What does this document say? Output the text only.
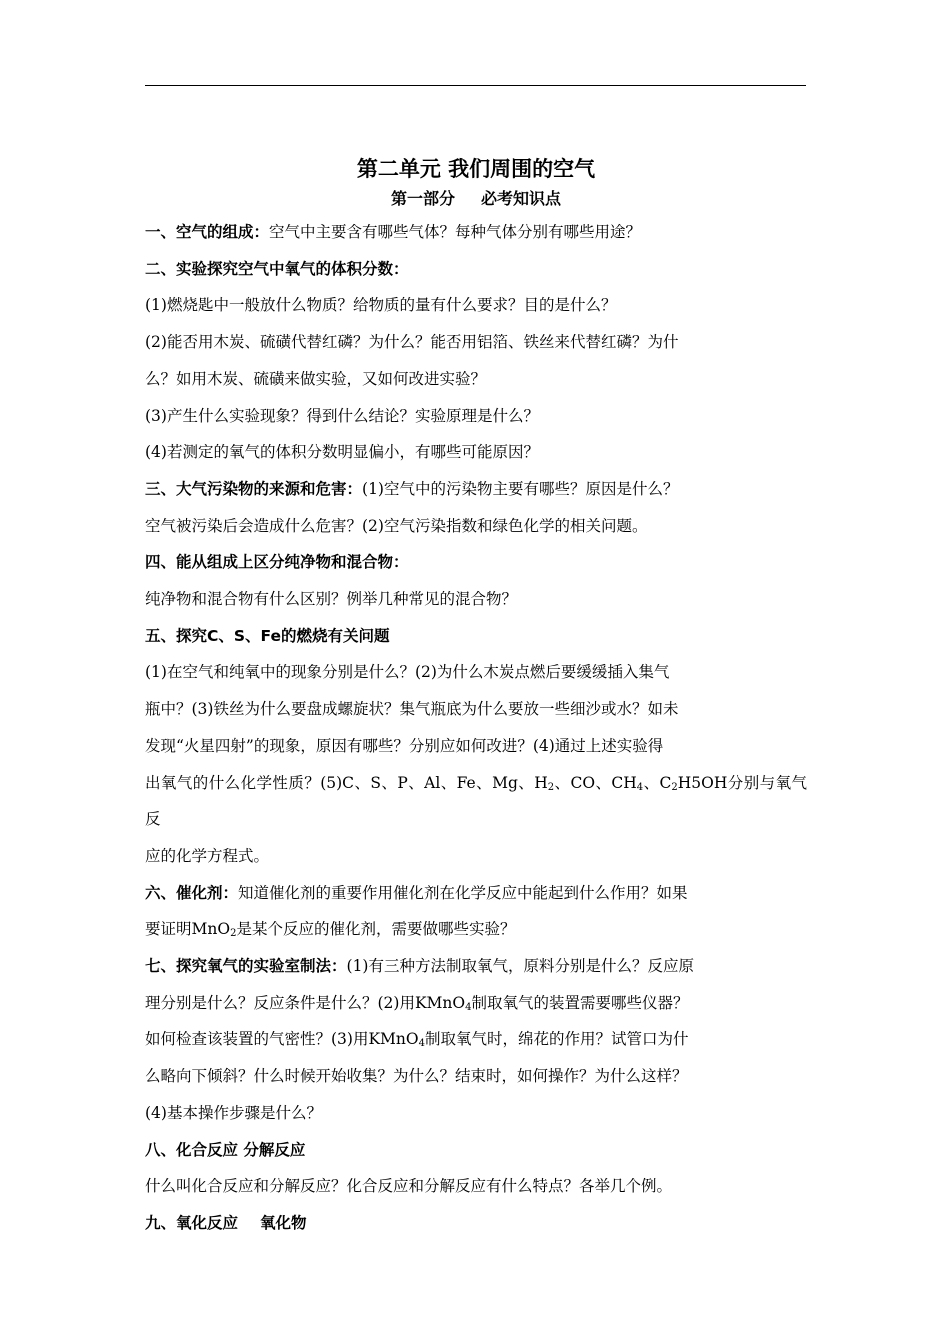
第二单元 我们周围的空气
第一部分 必考知识点

一、空气的组成：空气中主要含有哪些气体？每种气体分别有哪些用途？

二、实验探究空气中氧气的体积分数：

(1)燃烧匙中一般放什么物质？给物质的量有什么要求？目的是什么？

(2)能否用木炭、硫磺代替红磷？为什么？能否用铝箔、铁丝来代替红磷？为什
么？如用木炭、硫磺来做实验，又如何改进实验？

(3)产生什么实验现象？得到什么结论？实验原理是什么？

(4)若测定的氧气的体积分数明显偏小，有哪些可能原因？

三、大气污染物的来源和危害：(1)空气中的污染物主要有哪些？原因是什么？
空气被污染后会造成什么危害？(2)空气污染指数和绿色化学的相关问题。

四、能从组成上区分纯净物和混合物：

纯净物和混合物有什么区别？例举几种常见的混合物？

五、探究C、S、Fe的燃烧有关问题

(1)在空气和纯氧中的现象分别是什么？(2)为什么木炭点燃后要缓缓插入集气
瓶中？(3)铁丝为什么要盘成螺旋状？集气瓶底为什么要放一些细沙或水？如未
发现“火星四射”的现象，原因有哪些？分别应如何改进？(4)通过上述实验得
出氧气的什么化学性质？(5)C、S、P、Al、Fe、Mg、$H_2$、CO、$CH_4$、$C_2H5OH$分别与氧气反
应的化学方程式。

六、催化剂：知道催化剂的重要作用催化剂在化学反应中能起到什么作用？如果
要证明MnO$_2$是某个反应的催化剂，需要做哪些实验？

七、探究氧气的实验室制法：(1)有三种方法制取氧气，原料分别是什么？反应原
理分别是什么？反应条件是什么？(2)用KMnO$_4$制取氧气的装置需要哪些仪器？
如何检查该装置的气密性？(3)用KMnO$_4$制取氧气时，绵花的作用？试管口为什
么略向下倾斜？什么时候开始收集？为什么？结束时，如何操作？为什么这样？
(4)基本操作步骤是什么？

八、化合反应 分解反应

什么叫化合反应和分解反应？化合反应和分解反应有什么特点？各举几个例。

九、氧化反应 氧化物
